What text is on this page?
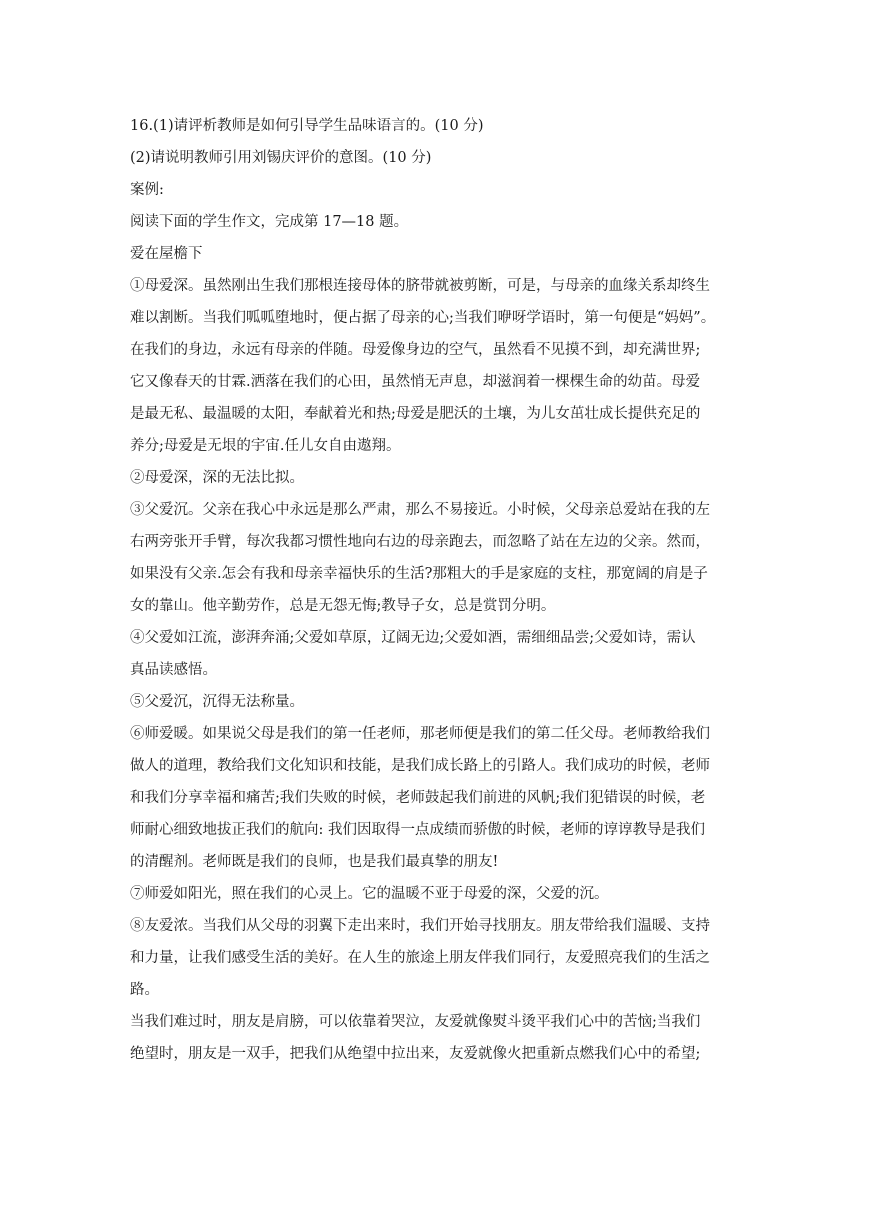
16.(1)请评析教师是如何引导学生品味语言的。(10 分)
(2)请说明教师引用刘锡庆评价的意图。(10 分)
案例:
阅读下面的学生作文，完成第 17—18 题。
爱在屋檐下
①母爱深。虽然刚出生我们那根连接母体的脐带就被剪断，可是，与母亲的血缘关系却终生
难以割断。当我们呱呱堕地时，便占据了母亲的心;当我们咿呀学语时，第一句便是“妈妈”。
在我们的身边，永远有母亲的伴随。母爱像身边的空气，虽然看不见摸不到，却充满世界;
它又像春天的甘霖.洒落在我们的心田，虽然悄无声息，却滋润着一棵棵生命的幼苗。母爱
是最无私、最温暖的太阳，奉献着光和热;母爱是肥沃的土壤，为儿女茁壮成长提供充足的
养分;母爱是无垠的宇宙.任儿女自由遨翔。
②母爱深，深的无法比拟。
③父爱沉。父亲在我心中永远是那么严肃，那么不易接近。小时候，父母亲总爱站在我的左
右两旁张开手臂，每次我都习惯性地向右边的母亲跑去，而忽略了站在左边的父亲。然而，
如果没有父亲.怎会有我和母亲幸福快乐的生活?那粗大的手是家庭的支柱，那宽阔的肩是子
女的靠山。他辛勤劳作，总是无怨无悔;教导子女，总是赏罚分明。
④父爱如江流，澎湃奔涌;父爱如草原，辽阔无边;父爱如酒，需细细品尝;父爱如诗，需认
真品读感悟。
⑤父爱沉，沉得无法称量。
⑥师爱暖。如果说父母是我们的第一任老师，那老师便是我们的第二任父母。老师教给我们
做人的道理，教给我们文化知识和技能，是我们成长路上的引路人。我们成功的时候，老师
和我们分享幸福和痛苦;我们失败的时候，老师鼓起我们前进的风帆;我们犯错误的时候，老
师耐心细致地拔正我们的航向: 我们因取得一点成绩而骄傲的时候，老师的谆谆教导是我们
的清醒剂。老师既是我们的良师，也是我们最真挚的朋友!
⑦师爱如阳光，照在我们的心灵上。它的温暖不亚于母爱的深，父爱的沉。
⑧友爱浓。当我们从父母的羽翼下走出来时，我们开始寻找朋友。朋友带给我们温暖、支持
和力量，让我们感受生活的美好。在人生的旅途上朋友伴我们同行，友爱照亮我们的生活之
路。
当我们难过时，朋友是肩膀，可以依靠着哭泣，友爱就像熨斗烫平我们心中的苦恼;当我们
绝望时，朋友是一双手，把我们从绝望中拉出来，友爱就像火把重新点燃我们心中的希望;
